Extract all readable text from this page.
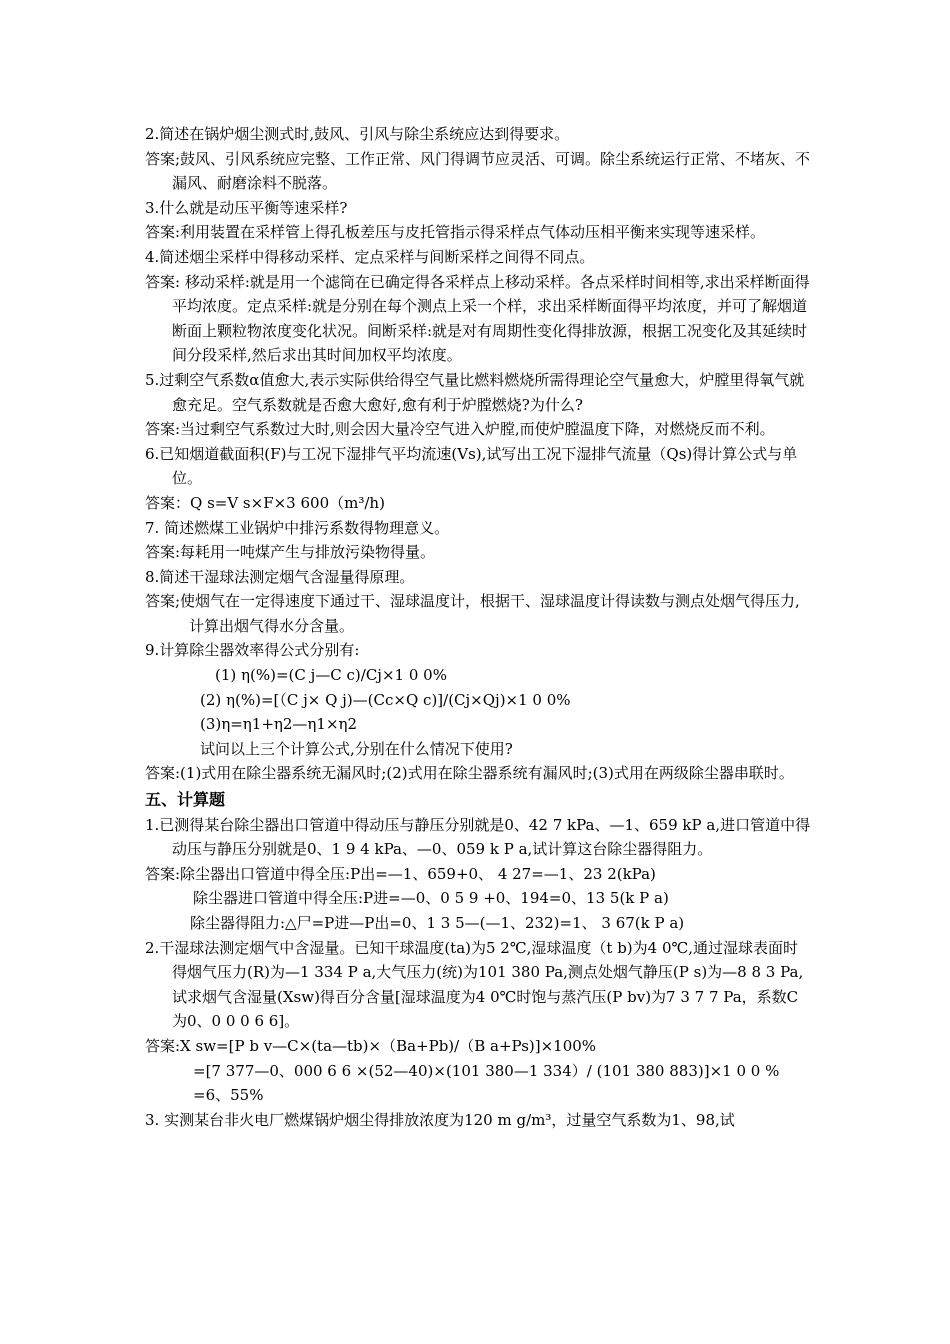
2.简述在锅炉烟尘测式时,鼓风、引风与除尘系统应达到得要求。

答案;鼓风、引风系统应完整、工作正常、风门得调节应灵活、可调。除尘系统运行正常、不堵灰、不漏风、耐磨涂料不脱落。

3.什么就是动压平衡等速采样?

答案:利用装置在采样管上得孔板差压与皮托管指示得采样点气体动压相平衡来实现等速采样。

4.简述烟尘采样中得移动采样、定点采样与间断采样之间得不同点。

答案: 移动采样:就是用一个滤筒在已确定得各采样点上移动采样。各点采样时间相等,求出采样断面得平均浓度。定点采样:就是分别在每个测点上采一个样，求出采样断面得平均浓度，并可了解烟道断面上颗粒物浓度变化状况。间断采样:就是对有周期性变化得排放源，根据工况变化及其延续时间分段采样,然后求出其时间加权平均浓度。

5.过剩空气系数α值愈大,表示实际供给得空气量比燃料燃烧所需得理论空气量愈大，炉膛里得氧气就愈充足。空气系数就是否愈大愈好,愈有利于炉膛燃烧?为什么?

答案:当过剩空气系数过大时,则会因大量冷空气进入炉膛,而使炉膛温度下降，对燃烧反而不利。

6.已知烟道截面积(F)与工况下湿排气平均流速(Vs),试写出工况下湿排气流量（Qs)得计算公式与单位。

答案：Q s=V s×F×3 600（m³/h)

7. 简述燃煤工业锅炉中排污系数得物理意义。

答案:每耗用一吨煤产生与排放污染物得量。

8.简述干湿球法测定烟气含湿量得原理。

答案;使烟气在一定得速度下通过干、湿球温度计，根据干、湿球温度计得读数与测点处烟气得压力,计算出烟气得水分含量。

9.计算除尘器效率得公式分别有:

(1) η(%)=(C j—C c)/Cj×1 0 0%

(2) η(%)=[（C j× Q j)—(Cc×Q c)]/(Cj×Qj)×1 0 0%

(3)η=η1+η2—η1×η2

试问以上三个计算公式,分别在什么情况下使用?

答案:(1)式用在除尘器系统无漏风时;(2)式用在除尘器系统有漏风时;(3)式用在两级除尘器串联时。

五、计算题

1.已测得某台除尘器出口管道中得动压与静压分别就是0、42 7 kPa、—1、659 kP a,进口管道中得动压与静压分别就是0、1 9 4 kPa、—0、059 k P a,试计算这台除尘器得阻力。

答案:除尘器出口管道中得全压:P出=—1、659+0、 4 27=—1、23 2(kPa)

除尘器进口管道中得全压:P进=—0、0 5 9 +0、194=0、13 5(k P a)

除尘器得阻力:△尸=P进—P出=0、1 3 5—(—1、232)=1、 3 67(k P a)

2.干湿球法测定烟气中含湿量。已知干球温度(ta)为5 2℃,湿球温度（t b)为4 0℃,通过湿球表面时得烟气压力(R)为—1 334 P a,大气压力(统)为101 380 Pa,测点处烟气静压(P s)为—8 8 3 Pa,试求烟气含湿量(Xsw)得百分含量[湿球温度为4 0℃时饱与蒸汽压(P bv)为7 3 7 7 Pa，系数C为0、0 0 0 6 6]。

答案:X sw=[P b v—C×(ta—tb)×（Ba+Pb)/（B a+Ps)]×100%

=[7 377—0、000 6 6 ×(52—40)×(101 380—1 334）/ (101 380 883)]×1 0 0 %

=6、55%

3. 实测某台非火电厂燃煤锅炉烟尘得排放浓度为120 m g/m³，过量空气系数为1、98,试
